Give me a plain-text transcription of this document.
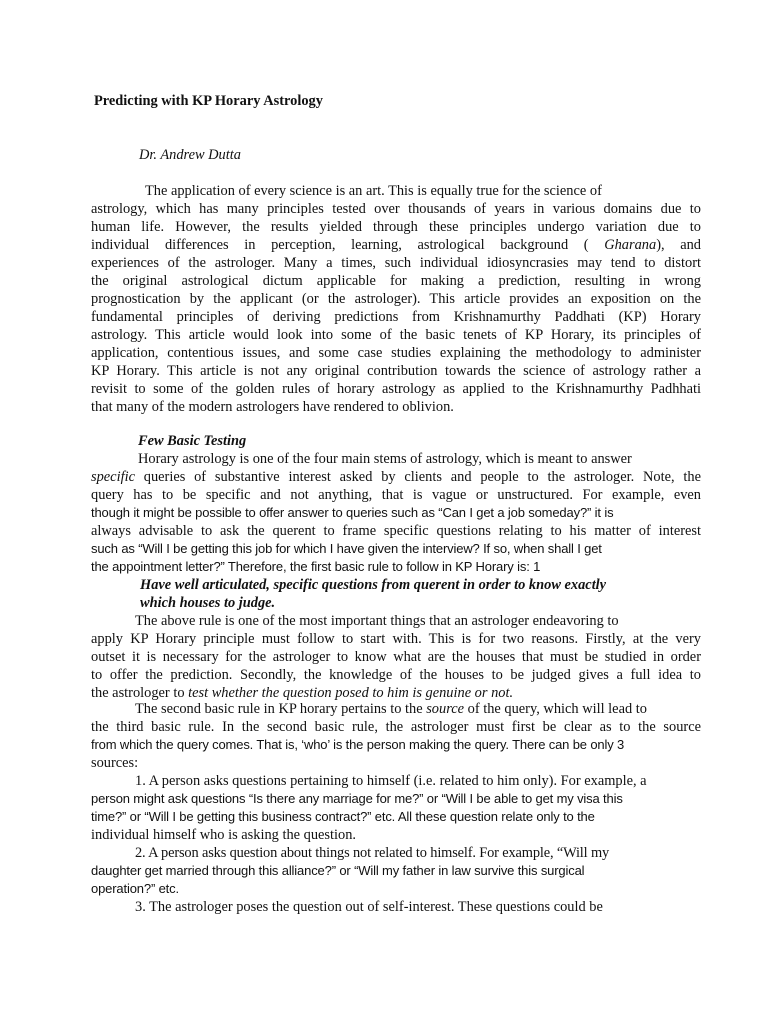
Predicting with KP Horary Astrology
Dr. Andrew Dutta
The application of every science is an art. This is equally true for the science of
astrology, which has many principles tested over thousands of years in various domains due to
human life. However, the results yielded through these principles undergo variation due to
individual differences in perception, learning, astrological background ( Gharana), and
experiences of the astrologer. Many a times, such individual idiosyncrasies may tend to distort
the original astrological dictum applicable for making a prediction, resulting in wrong
prognostication by the applicant (or the astrologer). This article provides an exposition on the
fundamental principles of deriving predictions from Krishnamurthy Paddhati (KP) Horary
astrology. This article would look into some of the basic tenets of KP Horary, its principles of
application, contentious issues, and some case studies explaining the methodology to administer
KP Horary. This article is not any original contribution towards the science of astrology rather a
revisit to some of the golden rules of horary astrology as applied to the Krishnamurthy Padhhati
that many of the modern astrologers have rendered to oblivion.
Few Basic Testing
Horary astrology is one of the four main stems of astrology, which is meant to answer
specific queries of substantive interest asked by clients and people to the astrologer. Note, the
query has to be specific and not anything, that is vague or unstructured. For example, even
though it might be possible to offer answer to queries such as “Can I get a job someday?” it is
always advisable to ask the querent to frame specific questions relating to his matter of interest
such as “Will I be getting this job for which I have given the interview? If so, when shall I get
the appointment letter?” Therefore, the first basic rule to follow in KP Horary is: 1
Have well articulated, specific questions from querent in order to know exactly
which houses to judge.
The above rule is one of the most important things that an astrologer endeavoring to
apply KP Horary principle must follow to start with. This is for two reasons. Firstly, at the very
outset it is necessary for the astrologer to know what are the houses that must be studied in order
to offer the prediction. Secondly, the knowledge of the houses to be judged gives a full idea to
the astrologer to test whether the question posed to him is genuine or not.
The second basic rule in KP horary pertains to the source of the query, which will lead to
the third basic rule. In the second basic rule, the astrologer must first be clear as to the source
from which the query comes. That is, ‘who’ is the person making the query. There can be only 3
sources:
1. A person asks questions pertaining to himself (i.e. related to him only). For example, a
person might ask questions “Is there any marriage for me?” or “Will I be able to get my visa this
time?” or “Will I be getting this business contract?” etc. All these question relate only to the
individual himself who is asking the question.
2. A person asks question about things not related to himself. For example, “Will my
daughter get married through this alliance?” or “Will my father in law survive this surgical
operation?” etc.
3. The astrologer poses the question out of self-interest. These questions could be
